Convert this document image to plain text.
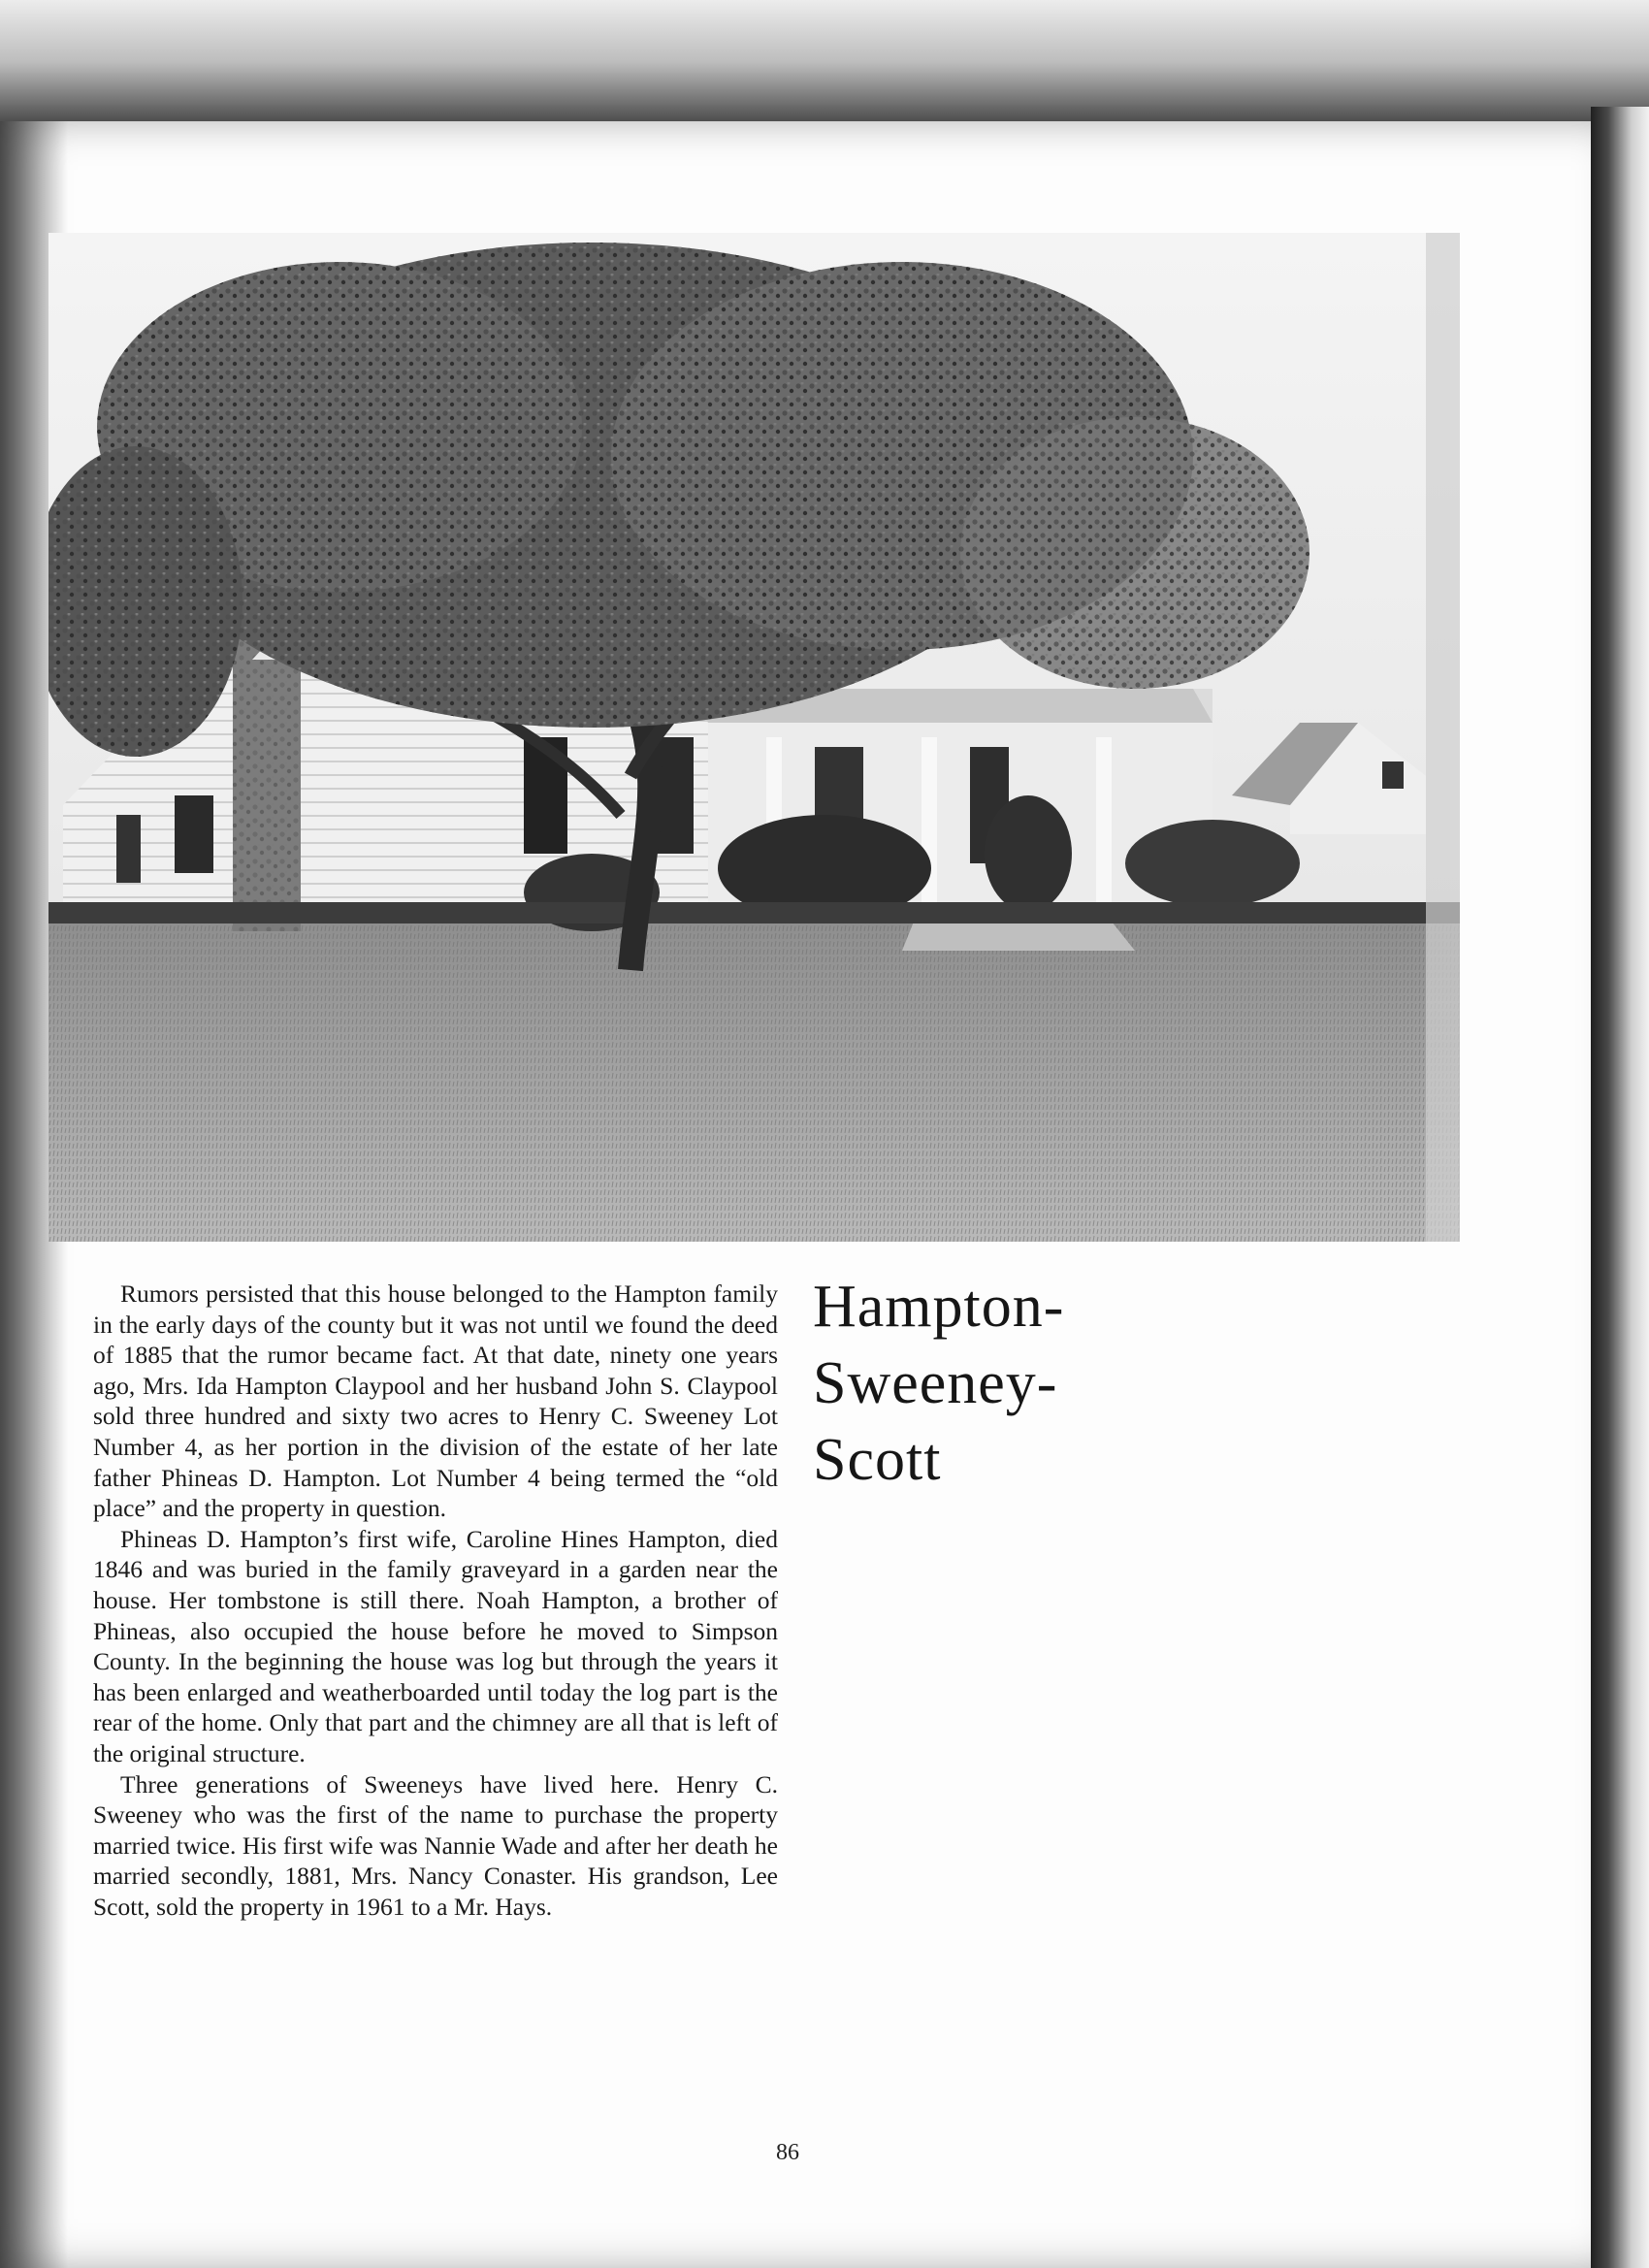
Rumors persisted that this house belonged to the Hampton family in the early days of the county but it was not until we found the deed of 1885 that the rumor became fact. At that date, ninety one years ago, Mrs. Ida Hampton Claypool and her husband John S. Claypool sold three hundred and sixty two acres to Henry C. Sweeney Lot Number 4, as her portion in the division of the estate of her late father Phineas D. Hampton. Lot Number 4 being termed the “old place” and the property in question.

Phineas D. Hampton’s first wife, Caroline Hines Hampton, died 1846 and was buried in the family graveyard in a garden near the house. Her tombstone is still there. Noah Hampton, a brother of Phineas, also occupied the house before he moved to Simpson County. In the beginning the house was log but through the years it has been enlarged and weatherboarded until today the log part is the rear of the home. Only that part and the chimney are all that is left of the original structure.

Three generations of Sweeneys have lived here. Henry C. Sweeney who was the first of the name to purchase the property married twice. His first wife was Nannie Wade and after her death he married secondly, 1881, Mrs. Nancy Conaster. His grandson, Lee Scott, sold the property in 1961 to a Mr. Hays.

Hampton-
Sweeney-
Scott
86
